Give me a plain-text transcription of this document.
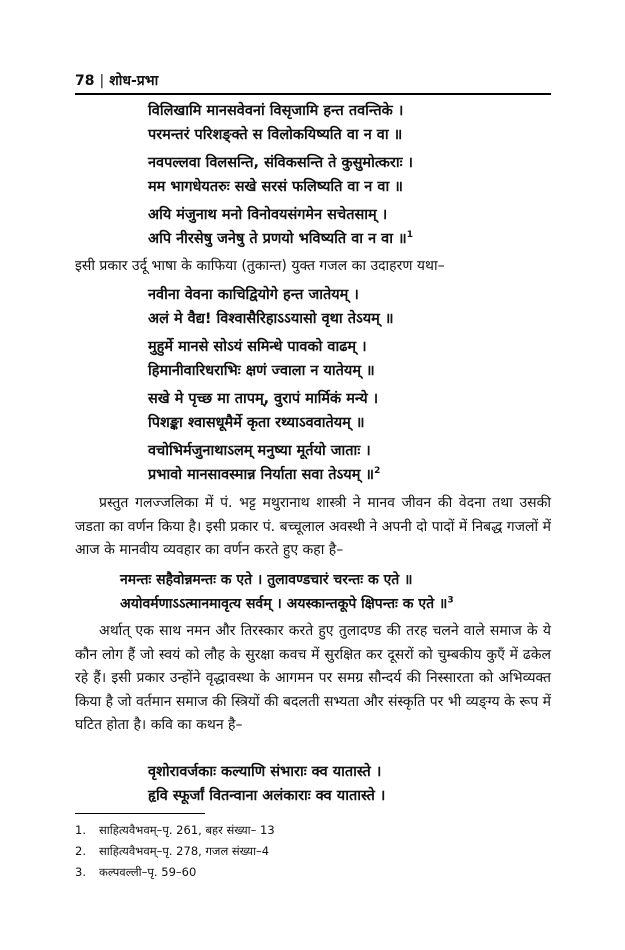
78 | शोध-प्रभा
विलिखामि मानसवेवनां विसृजामि हन्त तवन्तिके ।
परमन्तरं परिशङ्क्ते स विलोकयिष्यति वा न वा ॥
नवपल्लवा विलसन्ति, संविकसन्ति ते कुसुमोत्कराः ।
मम भागधेयतरुः सखे सरसं फलिष्यति वा न वा ॥
अयि मंजुनाथ मनो विनोवयसंगमेन सचेतसाम् ।
अपि नीरसेषु जनेषु ते प्रणयो भविष्यति वा न वा ॥$^1$
इसी प्रकार उर्दू भाषा के काफिया (तुकान्त) युक्त गजल का उदाहरण यथा–
नवीना वेवना काचिद्वियोगे हन्त जातेयम् ।
अलं मे वैद्य! विश्वासैरिहाऽऽयासो वृथा तेऽयम् ॥
मुहुर्मे मानसे सोऽयं समिन्धे पावको वाढम् ।
हिमानीवारिधराभिः क्षणं ज्वाला न यातेयम् ॥
सखे मे पृच्छ मा तापम्, वुरापं मार्मिकं मन्ये ।
पिशङ्का श्वासधूमैर्मे कृता रथ्याऽववातेयम् ॥
वचोभिर्मजुनाथाऽलम् मनुष्या मूर्तयो जाताः ।
प्रभावो मानसावस्मान्न निर्याता सवा तेऽयम् ॥$^2$
प्रस्तुत गलज्जलिका में पं. भट्ट मथुरानाथ शास्त्री ने मानव जीवन की वेदना तथा उसकी जडता का वर्णन किया है। इसी प्रकार पं. बच्चूलाल अवस्थी ने अपनी दो पादों में निबद्ध गजलों में आज के मानवीय व्यवहार का वर्णन करते हुए कहा है–
नमन्तः सहैवोन्नमन्तः क एते । तुलावण्डचारं चरन्तः क एते ॥
अयोवर्मणाऽऽत्मानमावृत्य सर्वम् । अयस्कान्तकूपे क्षिपन्तः क एते ॥$^3$
अर्थात् एक साथ नमन और तिरस्कार करते हुए तुलादण्ड की तरह चलने वाले समाज के ये कौन लोग हैं जो स्वयं को लौह के सुरक्षा कवच में सुरक्षित कर दूसरों को चुम्बकीय कुएँ में ढकेल रहे हैं। इसी प्रकार उन्होंने वृद्धावस्था के आगमन पर समग्र सौन्दर्य की निस्सारता को अभिव्यक्त किया है जो वर्तमान समाज की स्त्रियों की बदलती सभ्यता और संस्कृति पर भी व्यङ्ग्य के रूप में घटित होता है। कवि का कथन है–
वृशोरावर्जकाः कल्याणि संभाराः क्व यातास्ते ।
हृवि स्फूर्जां वितन्वाना अलंकाराः क्व यातास्ते ।
1. साहित्यवैभवम्–पृ. 261, बहर संख्या– 13
2. साहित्यवैभवम्–पृ. 278, गजल संख्या–4
3. कल्पवल्ली–पृ. 59–60
